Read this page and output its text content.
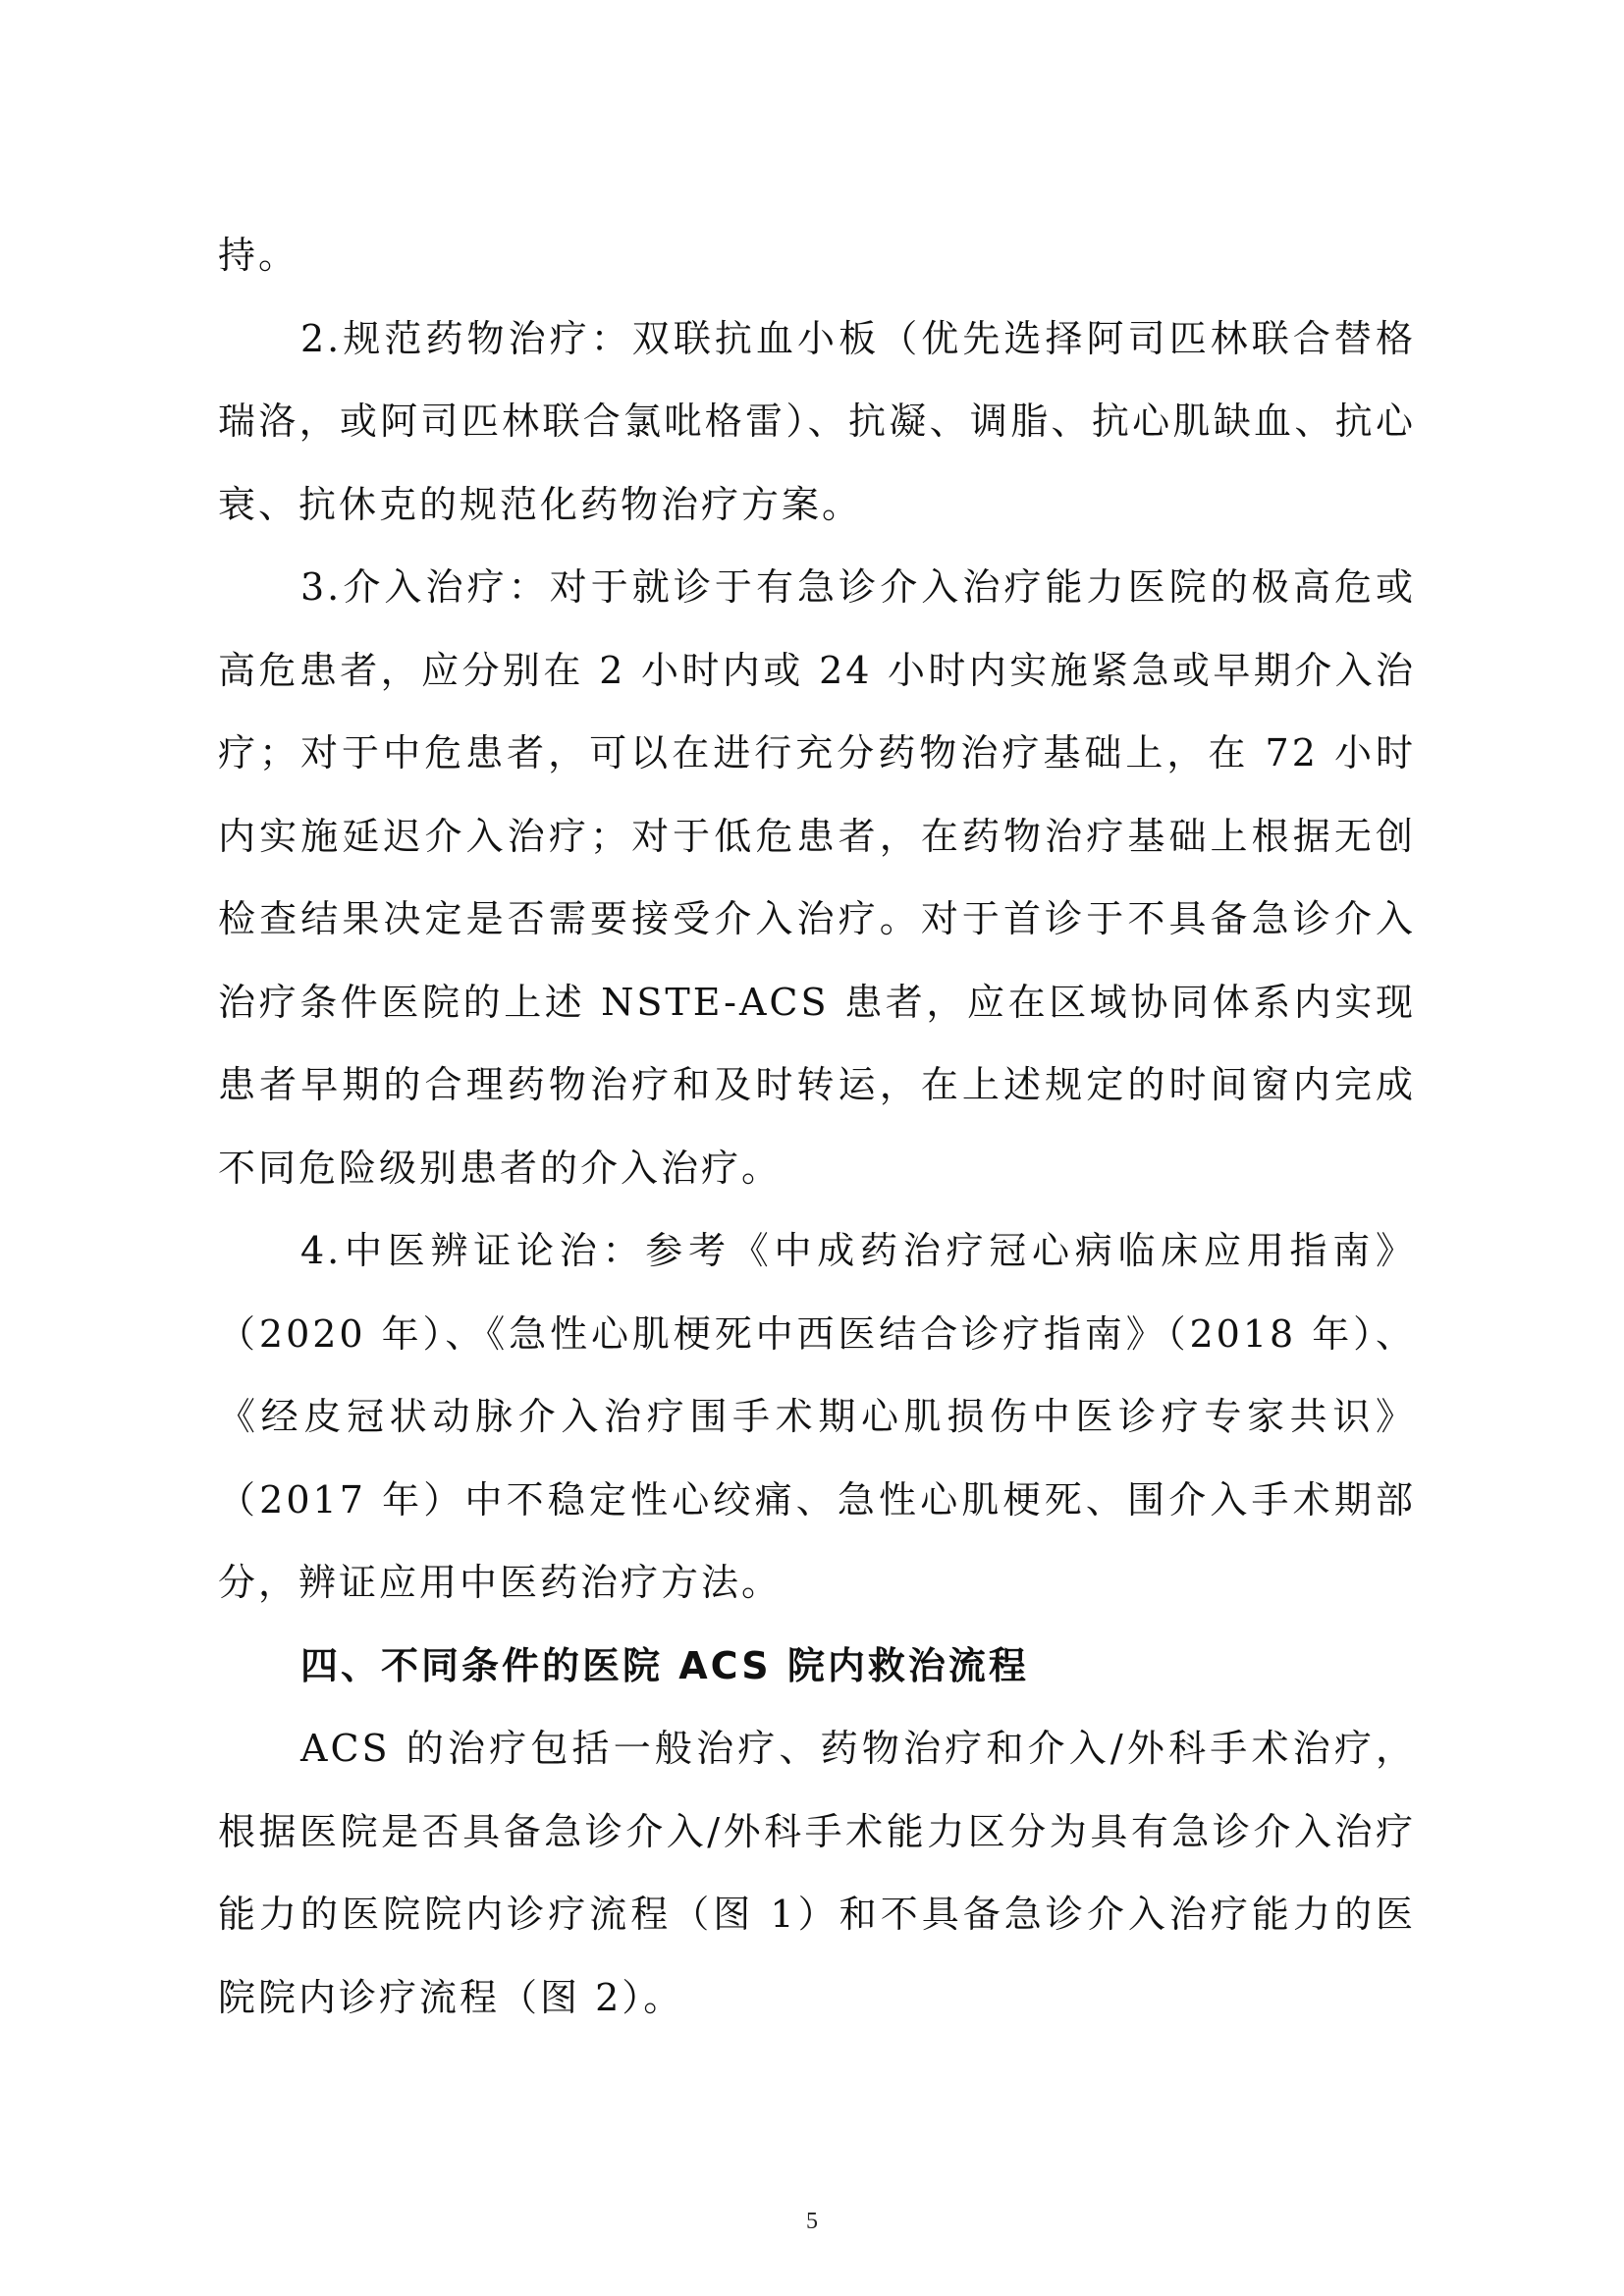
持。

2.规范药物治疗：双联抗血小板（优先选择阿司匹林联合替格瑞洛，或阿司匹林联合氯吡格雷）、抗凝、调脂、抗心肌缺血、抗心衰、抗休克的规范化药物治疗方案。

3.介入治疗：对于就诊于有急诊介入治疗能力医院的极高危或高危患者，应分别在 2 小时内或 24 小时内实施紧急或早期介入治疗；对于中危患者，可以在进行充分药物治疗基础上，在 72 小时内实施延迟介入治疗；对于低危患者，在药物治疗基础上根据无创检查结果决定是否需要接受介入治疗。对于首诊于不具备急诊介入治疗条件医院的上述 NSTE-ACS 患者，应在区域协同体系内实现患者早期的合理药物治疗和及时转运，在上述规定的时间窗内完成不同危险级别患者的介入治疗。

4.中医辨证论治：参考《中成药治疗冠心病临床应用指南》（2020 年）、《急性心肌梗死中西医结合诊疗指南》（2018 年）、《经皮冠状动脉介入治疗围手术期心肌损伤中医诊疗专家共识》（2017 年）中不稳定性心绞痛、急性心肌梗死、围介入手术期部分，辨证应用中医药治疗方法。

四、不同条件的医院 ACS 院内救治流程

ACS 的治疗包括一般治疗、药物治疗和介入/外科手术治疗，根据医院是否具备急诊介入/外科手术能力区分为具有急诊介入治疗能力的医院院内诊疗流程（图 1）和不具备急诊介入治疗能力的医院院内诊疗流程（图 2）。

5
